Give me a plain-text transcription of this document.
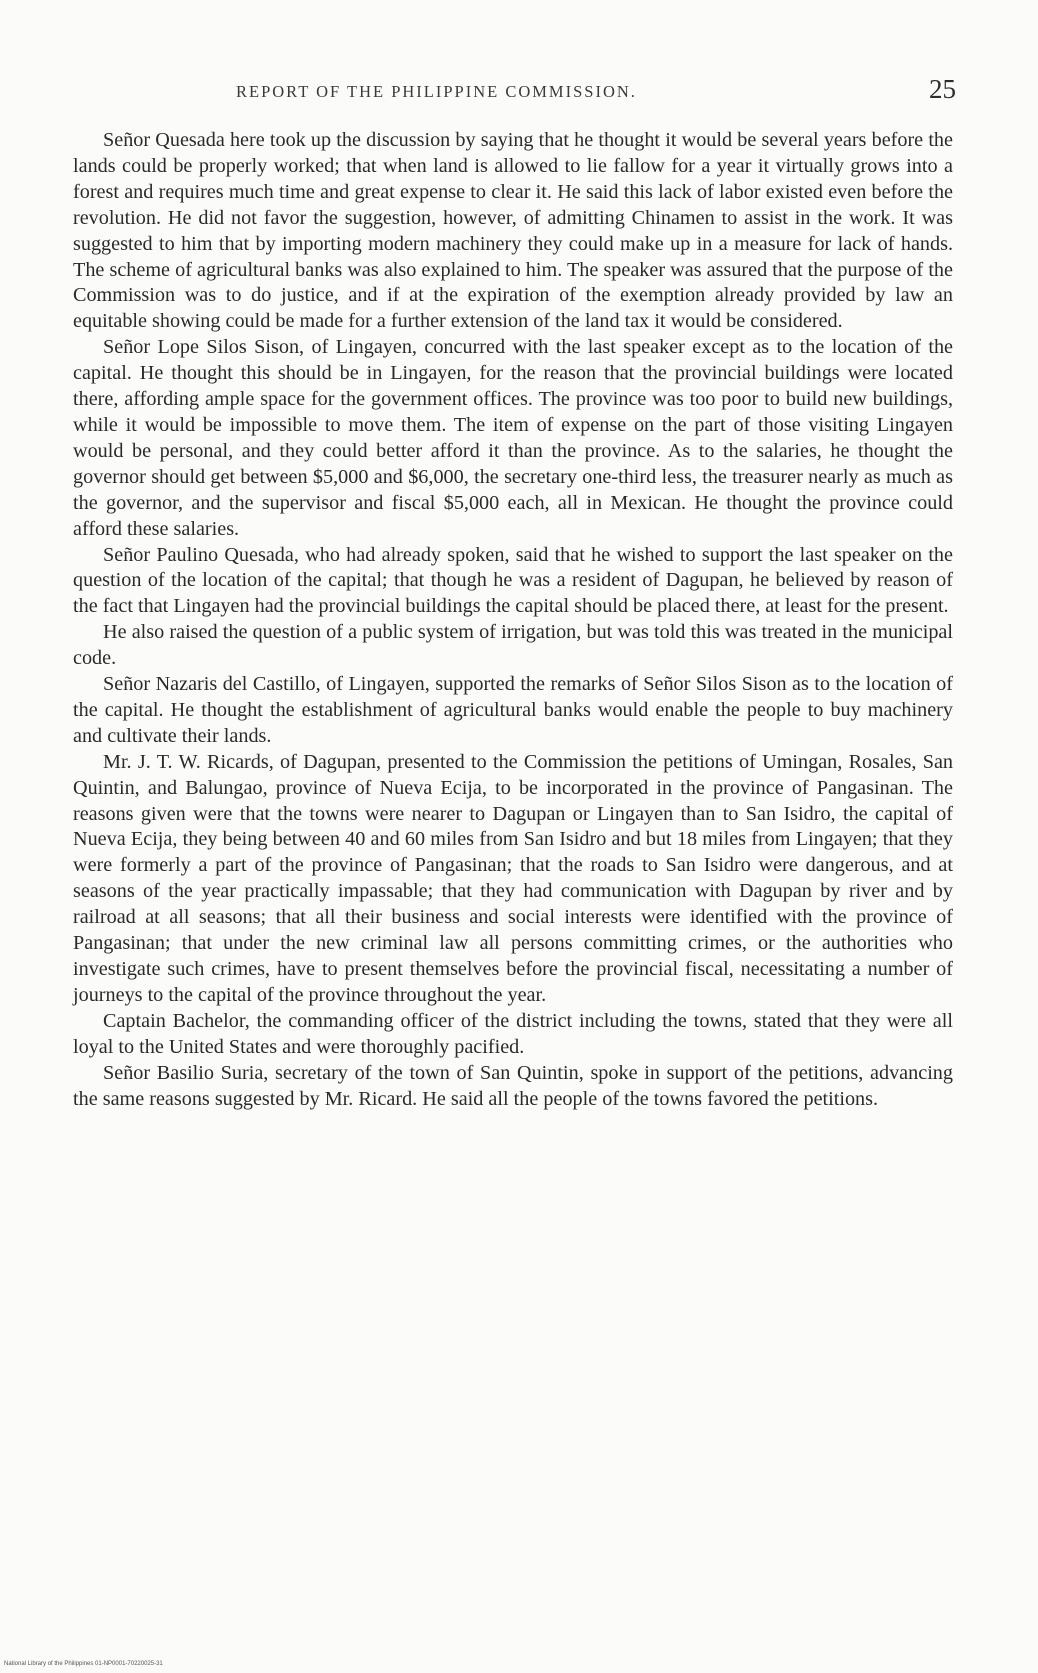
REPORT OF THE PHILIPPINE COMMISSION.	25

Señor Quesada here took up the discussion by saying that he thought it would be several years before the lands could be properly worked; that when land is allowed to lie fallow for a year it virtually grows into a forest and requires much time and great expense to clear it. He said this lack of labor existed even before the revolution. He did not favor the suggestion, however, of admitting Chinamen to assist in the work. It was suggested to him that by importing modern machinery they could make up in a measure for lack of hands. The scheme of agricultural banks was also explained to him. The speaker was assured that the purpose of the Commission was to do justice, and if at the expiration of the exemption already provided by law an equitable showing could be made for a further extension of the land tax it would be considered.

Señor Lope Silos Sison, of Lingayen, concurred with the last speaker except as to the location of the capital. He thought this should be in Lingayen, for the reason that the provincial buildings were located there, affording ample space for the government offices. The province was too poor to build new buildings, while it would be impossible to move them. The item of expense on the part of those visiting Lingayen would be personal, and they could better afford it than the province. As to the salaries, he thought the governor should get between $5,000 and $6,000, the secretary one-third less, the treasurer nearly as much as the governor, and the supervisor and fiscal $5,000 each, all in Mexican. He thought the province could afford these salaries.

Señor Paulino Quesada, who had already spoken, said that he wished to support the last speaker on the question of the location of the capital; that though he was a resident of Dagupan, he believed by reason of the fact that Lingayen had the provincial buildings the capital should be placed there, at least for the present.

He also raised the question of a public system of irrigation, but was told this was treated in the municipal code.

Señor Nazaris del Castillo, of Lingayen, supported the remarks of Señor Silos Sison as to the location of the capital. He thought the establishment of agricultural banks would enable the people to buy machinery and cultivate their lands.

Mr. J. T. W. Ricards, of Dagupan, presented to the Commission the petitions of Umingan, Rosales, San Quintin, and Balungao, province of Nueva Ecija, to be incorporated in the province of Pangasinan. The reasons given were that the towns were nearer to Dagupan or Lingayen than to San Isidro, the capital of Nueva Ecija, they being between 40 and 60 miles from San Isidro and but 18 miles from Lingayen; that they were formerly a part of the province of Pangasinan; that the roads to San Isidro were dangerous, and at seasons of the year practically impassable; that they had communication with Dagupan by river and by railroad at all seasons; that all their business and social interests were identified with the province of Pangasinan; that under the new criminal law all persons committing crimes, or the authorities who investigate such crimes, have to present themselves before the provincial fiscal, necessitating a number of journeys to the capital of the province throughout the year.

Captain Bachelor, the commanding officer of the district including the towns, stated that they were all loyal to the United States and were thoroughly pacified.

Señor Basilio Suria, secretary of the town of San Quintin, spoke in support of the petitions, advancing the same reasons suggested by Mr. Ricard. He said all the people of the towns favored the petitions.

National Library of the Philippines 01-NP0001-70220025-31
